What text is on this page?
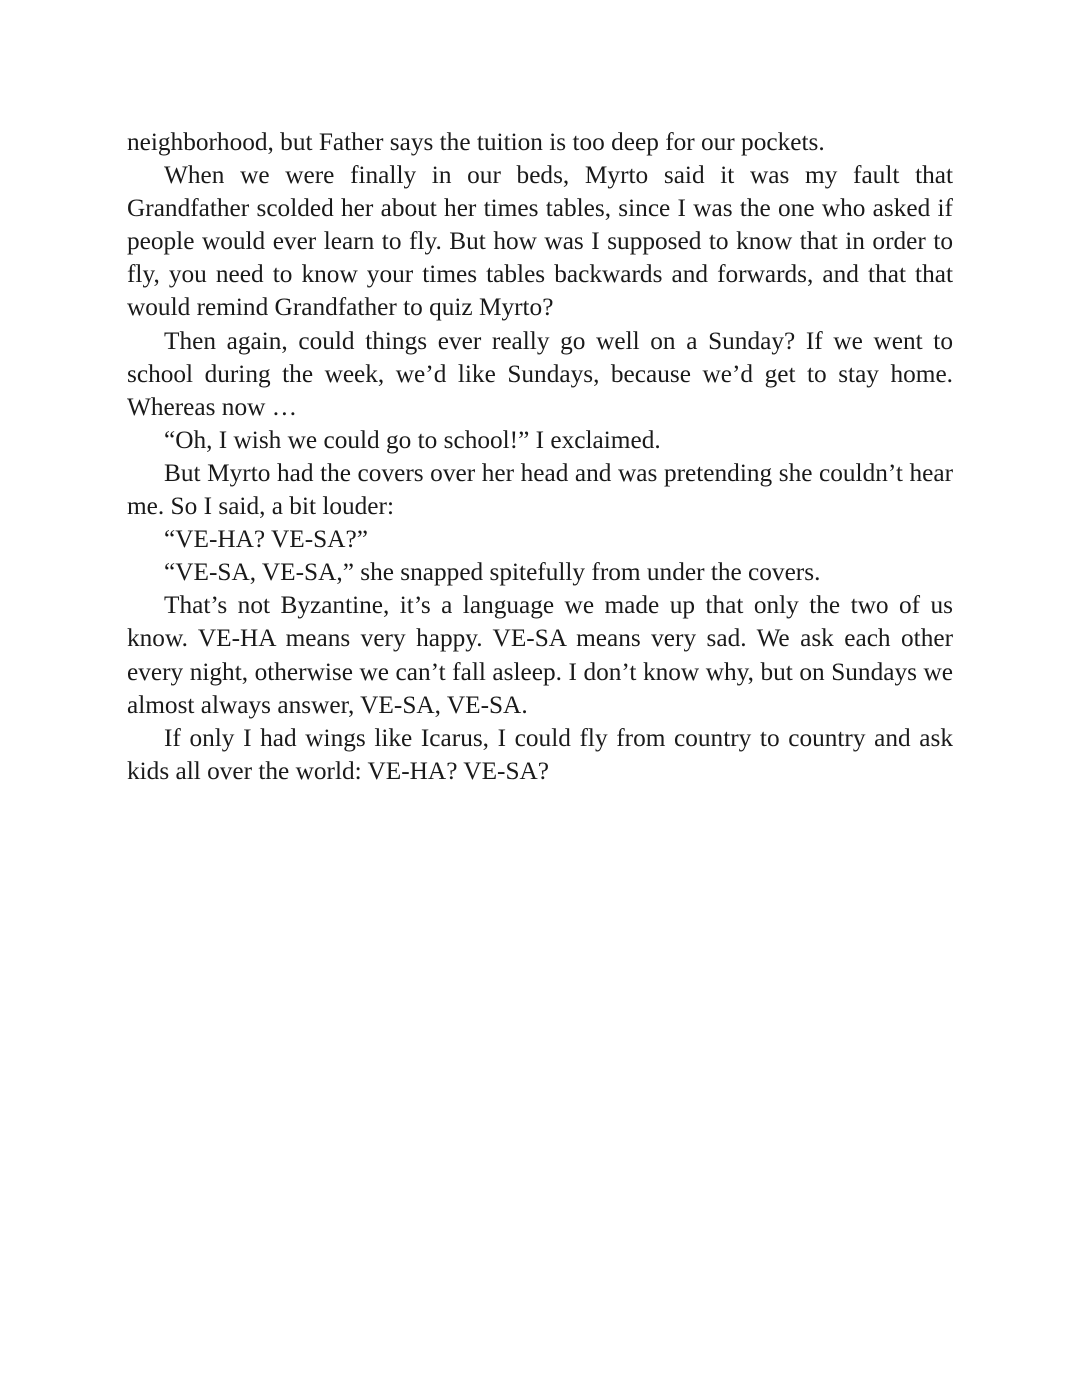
neighborhood, but Father says the tuition is too deep for our pockets.

When we were finally in our beds, Myrto said it was my fault that Grandfather scolded her about her times tables, since I was the one who asked if people would ever learn to fly. But how was I supposed to know that in order to fly, you need to know your times tables backwards and forwards, and that that would remind Grandfather to quiz Myrto?

Then again, could things ever really go well on a Sunday? If we went to school during the week, we’d like Sundays, because we’d get to stay home. Whereas now …

“Oh, I wish we could go to school!” I exclaimed.

But Myrto had the covers over her head and was pretending she couldn’t hear me. So I said, a bit louder:

“VE-HA? VE-SA?”

“VE-SA, VE-SA,” she snapped spitefully from under the covers.

That’s not Byzantine, it’s a language we made up that only the two of us know. VE-HA means very happy. VE-SA means very sad. We ask each other every night, otherwise we can’t fall asleep. I don’t know why, but on Sundays we almost always answer, VE-SA, VE-SA.

If only I had wings like Icarus, I could fly from country to country and ask kids all over the world: VE-HA? VE-SA?
